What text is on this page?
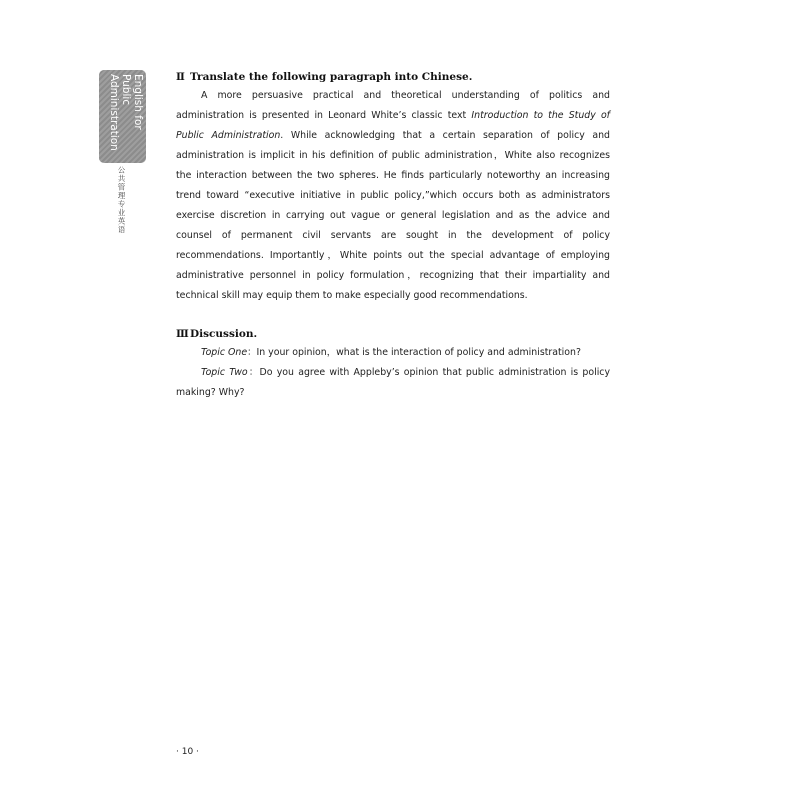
English for Public Administration
公共管理专业英语
Ⅱ Translate the following paragraph into Chinese.

A more persuasive practical and theoretical understanding of politics and administration is presented in Leonard White’s classic text Introduction to the Study of Public Administration. While acknowledging that a certain separation of policy and administration is implicit in his definition of public administration，White also recognizes the interaction between the two spheres. He finds particularly noteworthy an increasing trend toward “executive initiative in public policy,”which occurs both as administrators exercise discretion in carrying out vague or general legislation and as the advice and counsel of permanent civil servants are sought in the development of policy recommendations. Importantly，White points out the special advantage of employing administrative personnel in policy formulation，recognizing that their impartiality and technical skill may equip them to make especially good recommendations.

ⅢDiscussion.

Topic One：In your opinion，what is the interaction of policy and administration?

Topic Two：Do you agree with Appleby’s opinion that public administration is policy making? Why?

· 10 ·
